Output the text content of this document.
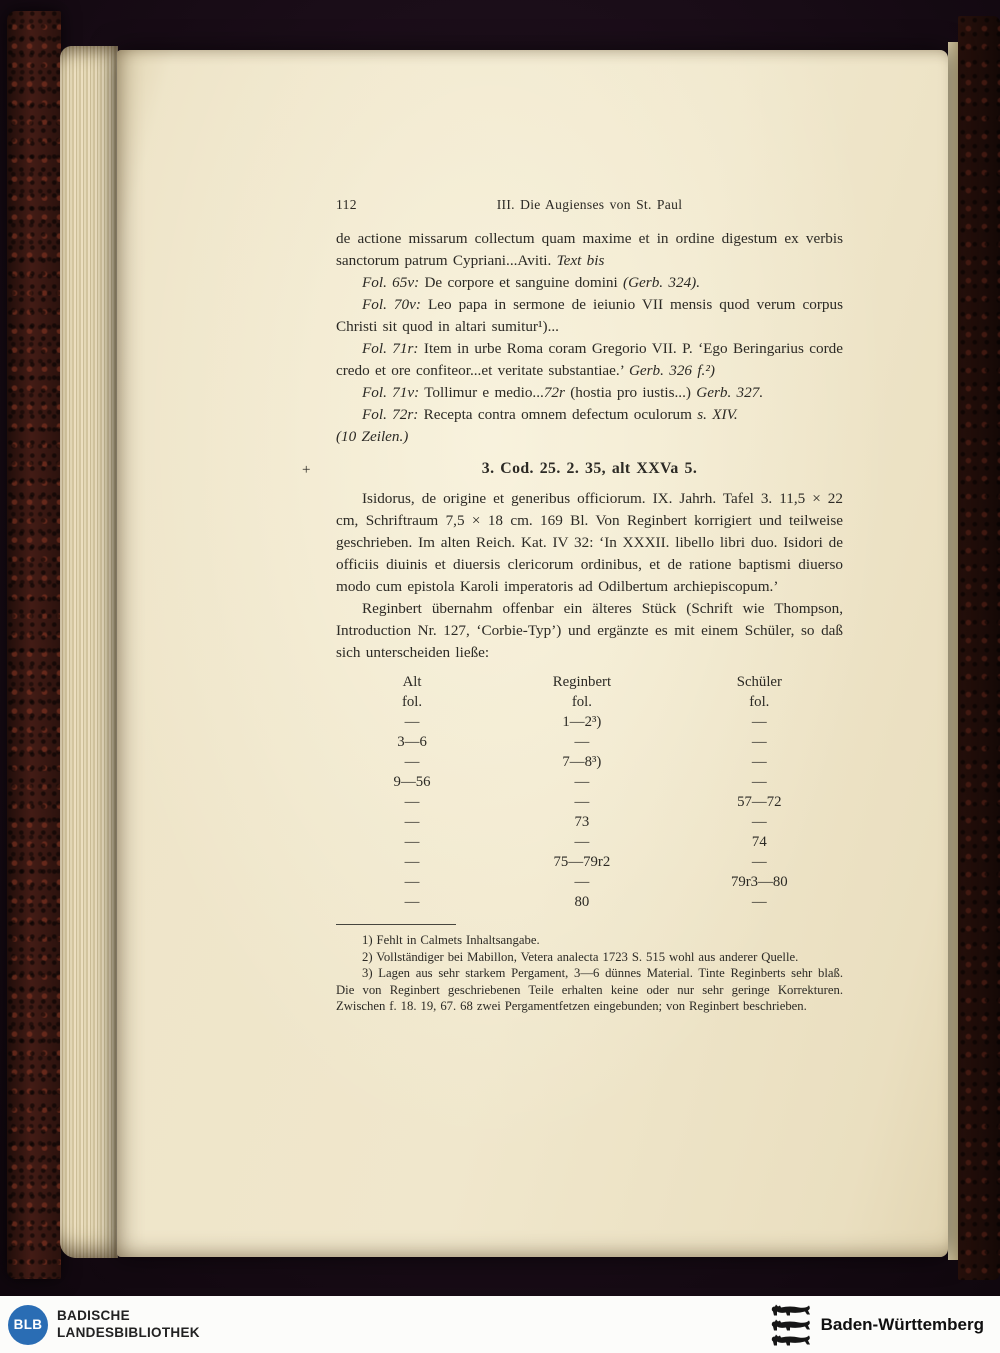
112	III. Die Augienses von St. Paul

de actione missarum collectum quam maxime et in ordine digestum ex verbis sanctorum patrum Cypriani...Aviti. Text bis

Fol. 65v: De corpore et sanguine domini (Gerb. 324).

Fol. 70v: Leo papa in sermone de ieiunio VII mensis quod verum corpus Christi sit quod in altari sumitur¹)...

Fol. 71r: Item in urbe Roma coram Gregorio VII. P. ‘Ego Beringarius corde credo et ore confiteor...et veritate substantiae.’ Gerb. 326 f.²)

Fol. 71v: Tollimur e medio...72r (hostia pro iustis...) Gerb. 327.

Fol. 72r: Recepta contra omnem defectum oculorum s. XIV.
(10 Zeilen.)

+	3. Cod. 25. 2. 35, alt XXVa 5.

Isidorus, de origine et generibus officiorum. IX. Jahrh. Tafel 3. 11,5 × 22 cm, Schriftraum 7,5 × 18 cm. 169 Bl. Von Reginbert korrigiert und teilweise geschrieben. Im alten Reich. Kat. IV 32: ‘In XXXII. libello libri duo. Isidori de officiis diuinis et diuersis clericorum ordinibus, et de ratione baptismi diuerso modo cum epistola Karoli imperatoris ad Odilbertum archiepiscopum.’

Reginbert übernahm offenbar ein älteres Stück (Schrift wie Thompson, Introduction Nr. 127, ‘Corbie-Typ’) und ergänzte es mit einem Schüler, so daß sich unterscheiden ließe:

Alt	Reginbert	Schüler
fol.	fol.	fol.
—	1—2³)	—
3—6	—	—
—	7—8³)	—
9—56	—	—
—	—	57—72
—	73	—
—	—	74
—	75—79r2	—
—	—	79r3—80
—	80	—

1) Fehlt in Calmets Inhaltsangabe.

2) Vollständiger bei Mabillon, Vetera analecta 1723 S. 515 wohl aus anderer Quelle.

3) Lagen aus sehr starkem Pergament, 3—6 dünnes Material. Tinte Reginberts sehr blaß. Die von Reginbert geschriebenen Teile erhalten keine oder nur sehr geringe Korrekturen. Zwischen f. 18. 19, 67. 68 zwei Pergamentfetzen eingebunden; von Reginbert beschrieben.

BLB
BADISCHE
LANDESBIBLIOTHEK	Baden-Württemberg
